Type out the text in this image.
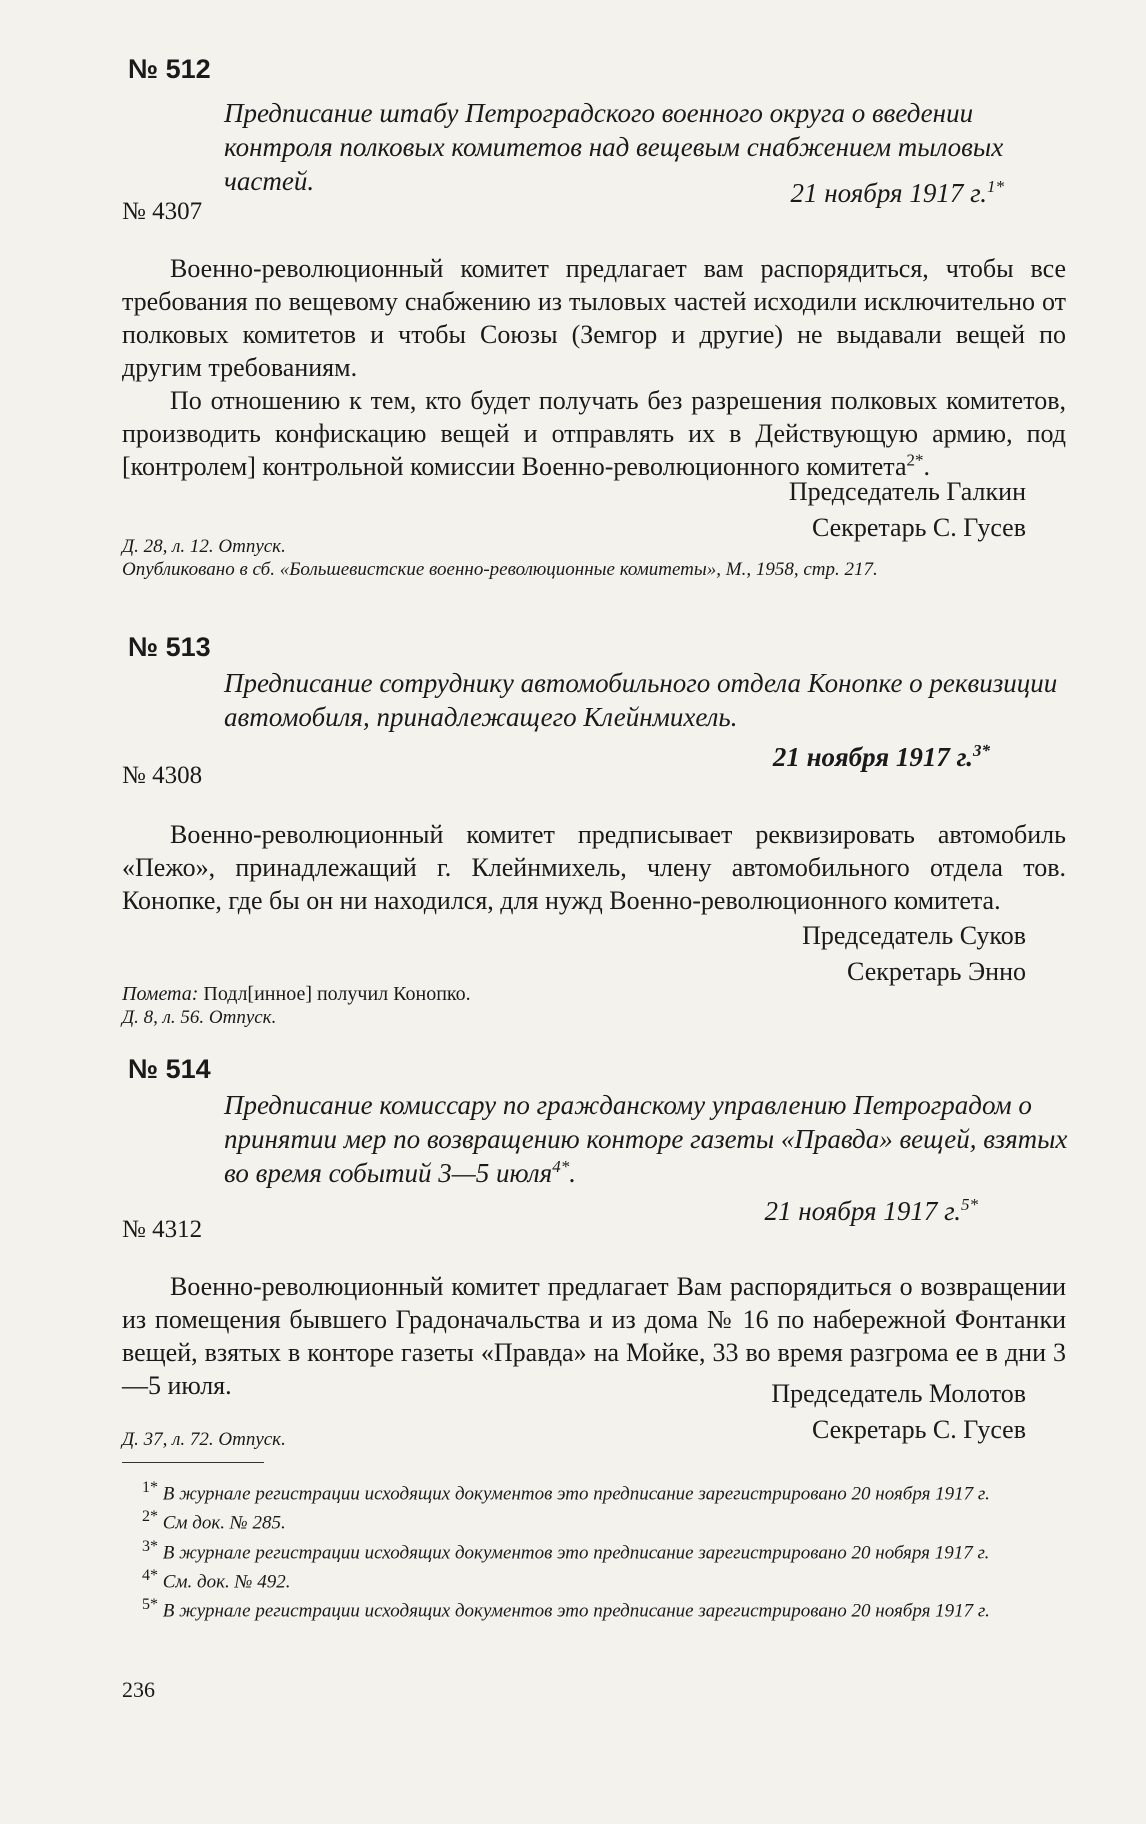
№ 512
Предписание штабу Петроградского военного округа о введении контроля полковых комитетов над вещевым снабжением тыловых частей.	21 ноября 1917 г.$^{1*}$
№ 4307

Военно-революционный комитет предлагает вам распорядиться, чтобы все требования по вещевому снабжению из тыловых частей исходили исключительно от полковых комитетов и чтобы Союзы (Земгор и другие) не выдавали вещей по другим требованиям.

По отношению к тем, кто будет получать без разрешения полковых комитетов, производить конфискацию вещей и отправлять их в Действующую армию, под [контролем] контрольной комиссии Военно-революционного комитета$^{2*}$.

Председатель Галкин
Секретарь С. Гусев
Д. 28, л. 12. Отпуск.
Опубликовано в сб. «Большевистские военно-революционные комитеты», М., 1958, стр. 217.
№ 513
Предписание сотруднику автомобильного отдела Конопке о реквизиции автомобиля, принадлежащего Клейнмихель.
21 ноября 1917 г.$^{3*}$
№ 4308

Военно-революционный комитет предписывает реквизировать автомобиль «Пежо», принадлежащий г. Клейнмихель, члену автомобильного отдела тов. Конопке, где бы он ни находился, для нужд Военно-революционного комитета.

Председатель Суков
Секретарь Энно
Помета: Подл[инное] получил Конопко.
Д. 8, л. 56. Отпуск.
№ 514
Предписание комиссару по гражданскому управлению Петроградом о принятии мер по возвращению конторе газеты «Правда» вещей, взятых во время событий 3—5 июля$^{4*}$.
21 ноября 1917 г.$^{5*}$
№ 4312

Военно-революционный комитет предлагает Вам распорядиться о возвращении из помещения бывшего Градоначальства и из дома № 16 по набережной Фонтанки вещей, взятых в конторе газеты «Правда» на Мойке, 33 во время разгрома ее в дни 3—5 июля.	Председатель Молотов
Секретарь С. Гусев
Д. 37, л. 72. Отпуск.
$^{1*}$ В журнале регистрации исходящих документов это предписание зарегистрировано 20 ноября 1917 г.
$^{2*}$ См док. № 285.
$^{3*}$ В журнале регистрации исходящих документов это предписание зарегистрировано 20 нобяря 1917 г.
$^{4*}$ См. док. № 492.
$^{5*}$ В журнале регистрации исходящих документов это предписание зарегистрировано 20 ноября 1917 г.
236
